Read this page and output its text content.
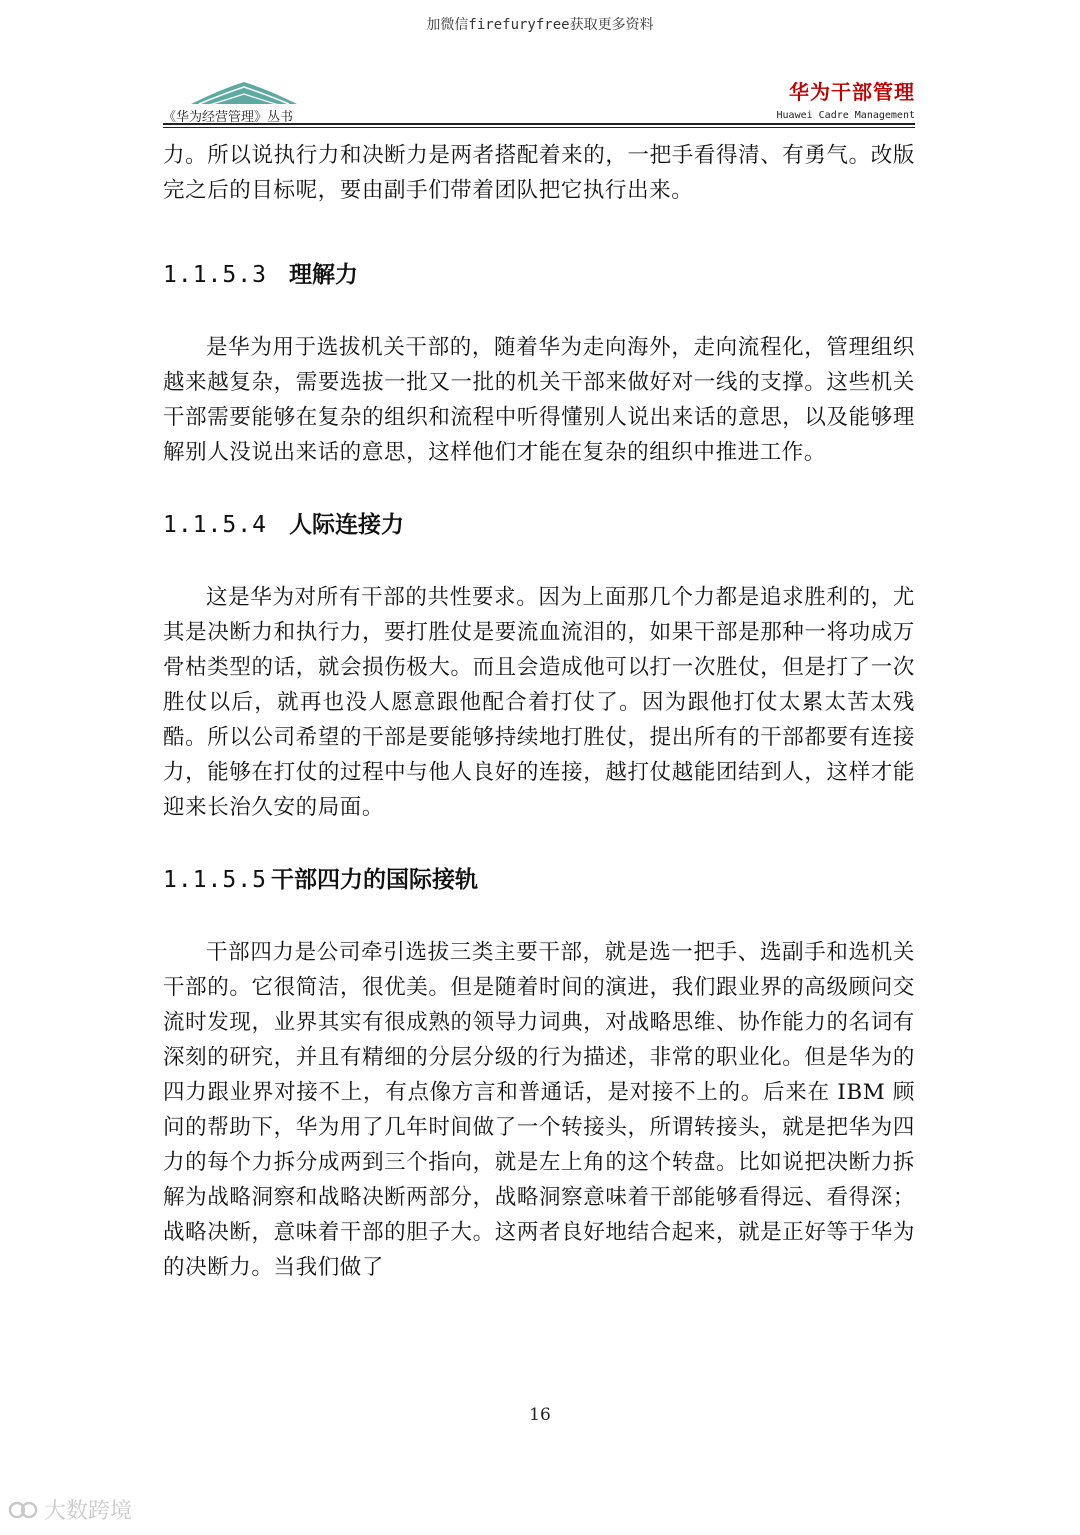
加微信firefuryfree获取更多资料
《华为经营管理》丛书
华为干部管理
Huawei Cadre Management

力。所以说执行力和决断力是两者搭配着来的，一把手看得清、有勇气。改版完之后的目标呢，要由副手们带着团队把它执行出来。

1.1.5.3 理解力

是华为用于选拔机关干部的，随着华为走向海外，走向流程化，管理组织越来越复杂，需要选拔一批又一批的机关干部来做好对一线的支撑。这些机关干部需要能够在复杂的组织和流程中听得懂别人说出来话的意思，以及能够理解别人没说出来话的意思，这样他们才能在复杂的组织中推进工作。

1.1.5.4 人际连接力

这是华为对所有干部的共性要求。因为上面那几个力都是追求胜利的，尤其是决断力和执行力，要打胜仗是要流血流泪的，如果干部是那种一将功成万骨枯类型的话，就会损伤极大。而且会造成他可以打一次胜仗，但是打了一次胜仗以后，就再也没人愿意跟他配合着打仗了。因为跟他打仗太累太苦太残酷。所以公司希望的干部是要能够持续地打胜仗，提出所有的干部都要有连接力，能够在打仗的过程中与他人良好的连接，越打仗越能团结到人，这样才能迎来长治久安的局面。

1.1.5.5 干部四力的国际接轨

干部四力是公司牵引选拔三类主要干部，就是选一把手、选副手和选机关干部的。它很简洁，很优美。但是随着时间的演进，我们跟业界的高级顾问交流时发现，业界其实有很成熟的领导力词典，对战略思维、协作能力的名词有深刻的研究，并且有精细的分层分级的行为描述，非常的职业化。但是华为的四力跟业界对接不上，有点像方言和普通话，是对接不上的。后来在 IBM 顾问的帮助下，华为用了几年时间做了一个转接头，所谓转接头，就是把华为四力的每个力拆分成两到三个指向，就是左上角的这个转盘。比如说把决断力拆解为战略洞察和战略决断两部分，战略洞察意味着干部能够看得远、看得深；战略决断，意味着干部的胆子大。这两者良好地结合起来，就是正好等于华为的决断力。当我们做了

16
大数跨境
